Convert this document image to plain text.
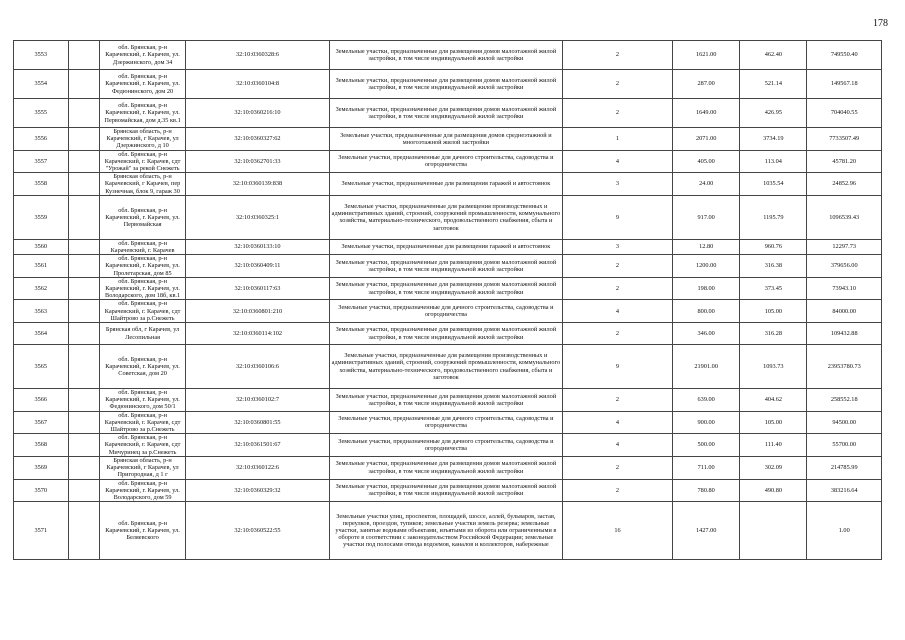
178
3553		обл. Брянская, р-н Карачевский, г. Карачев, ул. Дзержинского, дом 34	32:10:0360328:6	Земельные участки, предназначенные для размещения домов малоэтажной жилой застройки, в том числе индивидуальной жилой застройки	2	1621.00	462.40	749550.40
3554		обл. Брянская, р-н Карачевский, г. Карачев, ул. Федюнинского, дом 20	32:10:0360104:8	Земельные участки, предназначенные для размещения домов малоэтажной жилой застройки, в том числе индивидуальной жилой застройки	2	287.00	521.14	149567.18
3555		обл. Брянская, р-н Карачевский, г. Карачев, ул. Первомайская, дом д.35 кв.1	32:10:0360216:10	Земельные участки, предназначенные для размещения домов малоэтажной жилой застройки, в том числе индивидуальной жилой застройки	2	1649.00	426.95	704040.55
3556		Брянская область, р-н Карачевский, г Карачев, ул Дзержинского, д 10	32:10:0360327:62	Земельные участки, предназначенные для размещения домов среднеэтажной и многоэтажной жилой застройки	1	2071.00	3734.19	7733507.49
3557		обл. Брянская, р-н Карачевский, г. Карачев, сдт "Урожай" за рекой Снежеть	32:10:0362701:33	Земельные участки, предназначенные для дачного строительства, садоводства и огородничества	4	405.00	113.04	45781.20
3558		Брянская область, р-н Карачевский, г Карачев, пер Кузнечная, блок 9, гараж 30	32:10:0360139:838	Земельные участки, предназначенные для размещения гаражей и автостоянок	3	24.00	1035.54	24852.96
3559		обл. Брянская, р-н Карачевский, г. Карачев, ул. Первомайская	32:10:0360325:1	Земельные участки, предназначенные для размещения производственных и административных зданий, строений, сооружений промышленности, коммунального хозяйства, материально-технического, продовольственного снабжения, сбыта и заготовок	9	917.00	1195.79	1096539.43
3560		обл. Брянская, р-н Карачевский, г. Карачев	32:10:0360133:10	Земельные участки, предназначенные для размещения гаражей и автостоянок	3	12.80	960.76	12297.73
3561		обл. Брянская, р-н Карачевский, г. Карачев, ул. Пролетарская, дом 85	32:10:0360409:11	Земельные участки, предназначенные для размещения домов малоэтажной жилой застройки, в том числе индивидуальной жилой застройки	2	1200.00	316.38	379656.00
3562		обл. Брянская, р-н Карачевский, г. Карачев, ул. Володарского, дом 18б, кв.1	32:10:0360117:63	Земельные участки, предназначенные для размещения домов малоэтажной жилой застройки, в том числе индивидуальной жилой застройки	2	198.00	373.45	73943.10
3563		обл. Брянская, р-н Карачевский, г. Карачев, сдт Шайтрово за р.Снежеть	32:10:0360801:210	Земельные участки, предназначенные для дачного строительства, садоводства и огородничества	4	800.00	105.00	84000.00
3564		Брянская обл, г Карачев, ул Лесопильная	32:10:0360114:102	Земельные участки, предназначенные для размещения домов малоэтажной жилой застройки, в том числе индивидуальной жилой застройки	2	346.00	316.28	109432.88
3565		обл. Брянская, р-н Карачевский, г. Карачев, ул. Советская, дом 20	32:10:0360106:6	Земельные участки, предназначенные для размещения производственных и административных зданий, строений, сооружений промышленности, коммунального хозяйства, материально-технического, продовольственного снабжения, сбыта и заготовок	9	21901.00	1093.73	23953780.73
3566		обл. Брянская, р-н Карачевский, г. Карачев, ул. Федюнинского, дом 50/1	32:10:0360102:7	Земельные участки, предназначенные для размещения домов малоэтажной жилой застройки, в том числе индивидуальной жилой застройки	2	639.00	404.62	258552.18
3567		обл. Брянская, р-н Карачевский, г. Карачев, сдт Шайтрово за р.Снежеть	32:10:0360801:55	Земельные участки, предназначенные для дачного строительства, садоводства и огородничества	4	900.00	105.00	94500.00
3568		обл. Брянская, р-н Карачевский, г. Карачев, сдт Мичуринец за р.Снежеть	32:10:0361501:67	Земельные участки, предназначенные для дачного строительства, садоводства и огородничества	4	500.00	111.40	55700.00
3569		Брянская область, р-н Карачевский, г Карачев, ул Пригородная, д 1 г	32:10:0360122:6	Земельные участки, предназначенные для размещения домов малоэтажной жилой застройки, в том числе индивидуальной жилой застройки	2	711.00	302.09	214785.99
3570		обл. Брянская, р-н Карачевский, г. Карачев, ул. Володарского, дом 59	32:10:0360329:32	Земельные участки, предназначенные для размещения домов малоэтажной жилой застройки, в том числе индивидуальной жилой застройки	2	780.80	490.80	383216.64
3571		обл. Брянская, р-н Карачевский, г. Карачев, ул. Беляевского	32:10:0360522:55	Земельные участки улиц, проспектов, площадей, шоссе, аллей, бульваров, застав, переулков, проездов, тупиков; земельные участки земель резерва; земельные участки, занятые водными объектами, изъятыми из оборота или ограниченными в обороте в соответствии с законодательством Российской Федерации; земельные участки под полосами отвода водоемов, каналов и коллекторов, набережные	16	1427.00		1.00
